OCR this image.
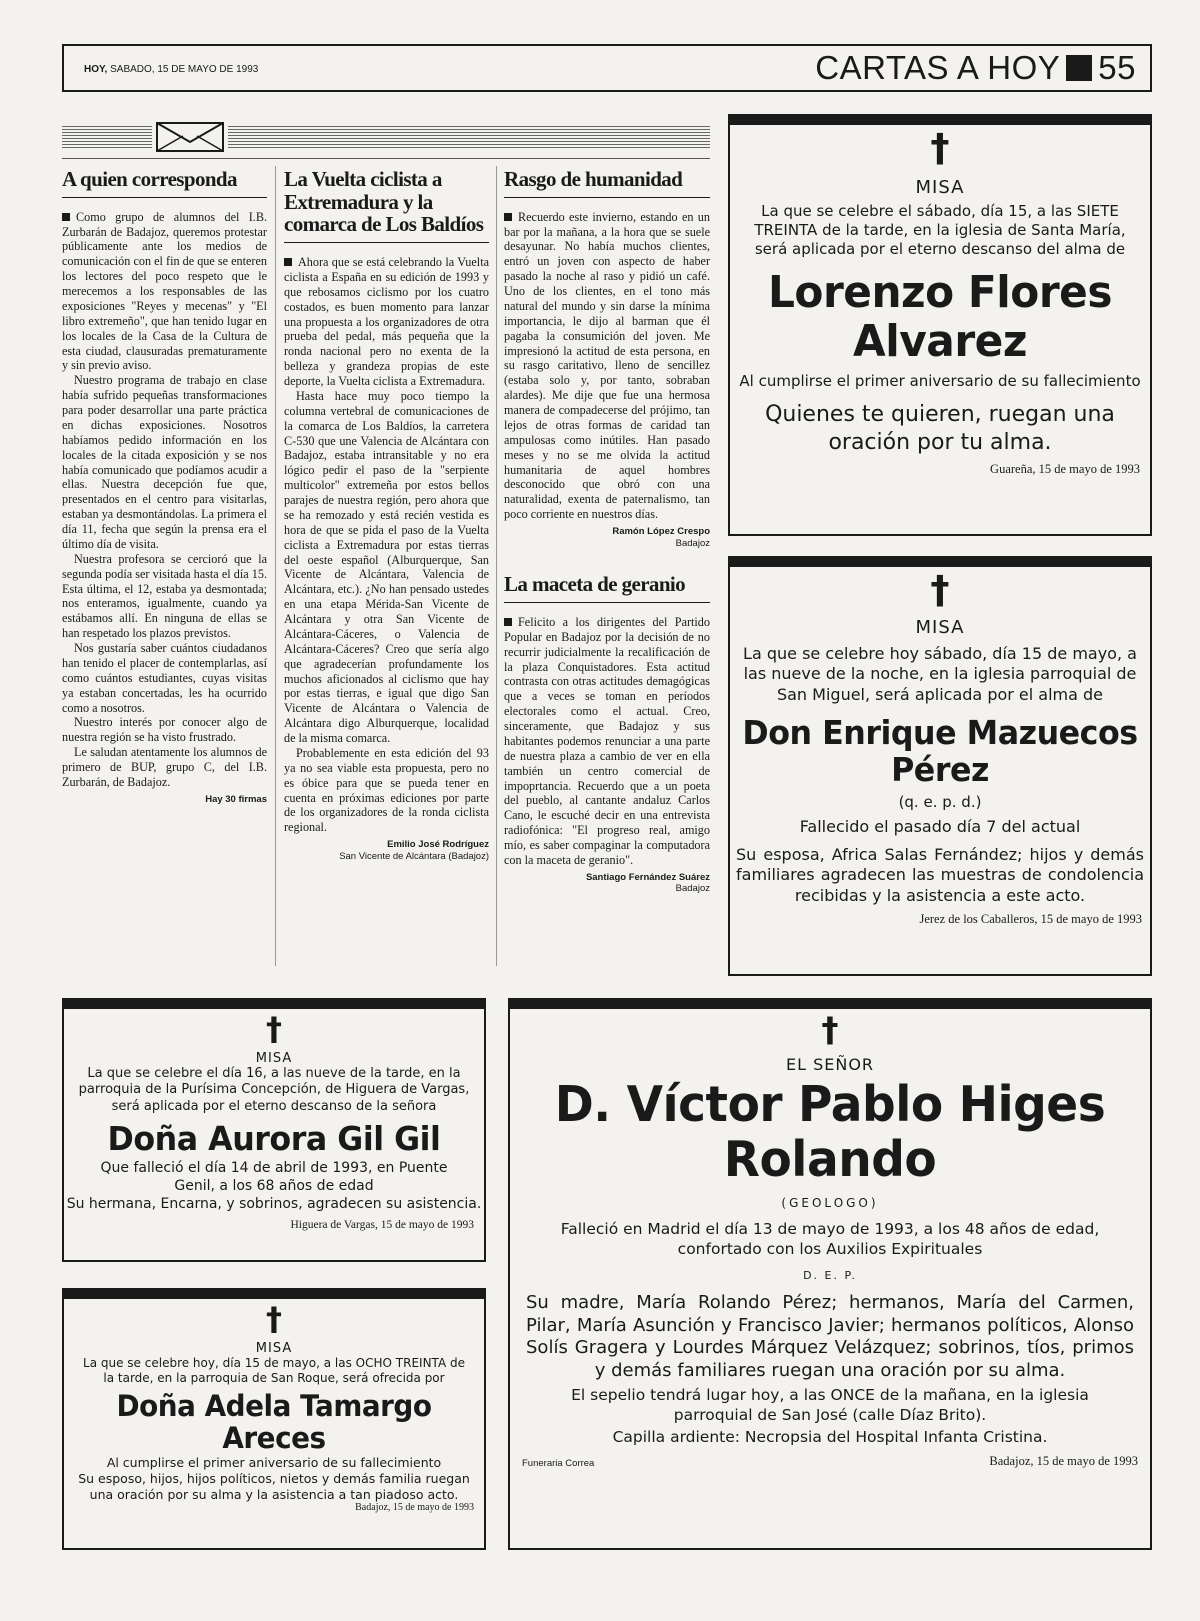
HOY, SABADO, 15 DE MAYO DE 1993	CARTAS A HOY 55
A quien corresponda

Como grupo de alumnos del I.B. Zurbarán de Badajoz, queremos protestar públicamente ante los medios de comunicación con el fin de que se enteren los lectores del poco respeto que le merecemos a los responsables de las exposiciones "Reyes y mecenas" y "El libro extremeño", que han tenido lugar en los locales de la Casa de la Cultura de esta ciudad, clausuradas prematuramente y sin previo aviso.

Nuestro programa de trabajo en clase había sufrido pequeñas transformaciones para poder desarrollar una parte práctica en dichas exposiciones. Nosotros habíamos pedido información en los locales de la citada exposición y se nos había comunicado que podíamos acudir a ellas. Nuestra decepción fue que, presentados en el centro para visitarlas, estaban ya desmontándolas. La primera el día 11, fecha que según la prensa era el último día de visita.

Nuestra profesora se cercioró que la segunda podía ser visitada hasta el día 15. Esta última, el 12, estaba ya desmontada; nos enteramos, igualmente, cuando ya estábamos allí. En ninguna de ellas se han respetado los plazos previstos.

Nos gustaría saber cuántos ciudadanos han tenido el placer de contemplarlas, así como cuántos estudiantes, cuyas visitas ya estaban concertadas, les ha ocurrido como a nosotros.

Nuestro interés por conocer algo de nuestra región se ha visto frustrado.

Le saludan atentamente los alumnos de primero de BUP, grupo C, del I.B. Zurbarán, de Badajoz.

Hay 30 firmas
La Vuelta ciclista a Extremadura y la comarca de Los Baldíos

Ahora que se está celebrando la Vuelta ciclista a España en su edición de 1993 y que rebosamos ciclismo por los cuatro costados, es buen momento para lanzar una propuesta a los organizadores de otra prueba del pedal, más pequeña que la ronda nacional pero no exenta de la belleza y grandeza propias de este deporte, la Vuelta ciclista a Extremadura.

Hasta hace muy poco tiempo la columna vertebral de comunicaciones de la comarca de Los Baldíos, la carretera C-530 que une Valencia de Alcántara con Badajoz, estaba intransitable y no era lógico pedir el paso de la "serpiente multicolor" extremeña por estos bellos parajes de nuestra región, pero ahora que se ha remozado y está recién vestida es hora de que se pida el paso de la Vuelta ciclista a Extremadura por estas tierras del oeste español (Alburquerque, San Vicente de Alcántara, Valencia de Alcántara, etc.). ¿No han pensado ustedes en una etapa Mérida-San Vicente de Alcántara y otra San Vicente de Alcántara-Cáceres, o Valencia de Alcántara-Cáceres? Creo que sería algo que agradecerían profundamente los muchos aficionados al ciclismo que hay por estas tierras, e igual que digo San Vicente de Alcántara o Valencia de Alcántara digo Alburquerque, localidad de la misma comarca.

Probablemente en esta edición del 93 ya no sea viable esta propuesta, pero no es óbice para que se pueda tener en cuenta en próximas ediciones por parte de los organizadores de la ronda ciclista regional.

Emilio José Rodríguez
San Vicente de Alcántara (Badajoz)
Rasgo de humanidad

Recuerdo este invierno, estando en un bar por la mañana, a la hora que se suele desayunar. No había muchos clientes, entró un joven con aspecto de haber pasado la noche al raso y pidió un café. Uno de los clientes, en el tono más natural del mundo y sin darse la mínima importancia, le dijo al barman que él pagaba la consumición del joven. Me impresionó la actitud de esta persona, en su rasgo caritativo, lleno de sencillez (estaba solo y, por tanto, sobraban alardes). Me dije que fue una hermosa manera de compadecerse del prójimo, tan lejos de otras formas de caridad tan ampulosas como inútiles. Han pasado meses y no se me olvida la actitud humanitaria de aquel hombres desconocido que obró con una naturalidad, exenta de paternalismo, tan poco corriente en nuestros días.

Ramón López Crespo
Badajoz
La maceta de geranio

Felicito a los dirigentes del Partido Popular en Badajoz por la decisión de no recurrir judicialmente la recalificación de la plaza Conquistadores. Esta actitud contrasta con otras actitudes demagógicas que a veces se toman en períodos electorales como el actual. Creo, sinceramente, que Badajoz y sus habitantes podemos renunciar a una parte de nuestra plaza a cambio de ver en ella también un centro comercial de impoprtancia. Recuerdo que a un poeta del pueblo, al cantante andaluz Carlos Cano, le escuché decir en una entrevista radiofónica: "El progreso real, amigo mío, es saber compaginar la computadora con la maceta de geranio".

Santiago Fernández Suárez
Badajoz
†
MISA
La que se celebre el sábado, día 15, a las SIETE TREINTA de la tarde, en la iglesia de Santa María, será aplicada por el eterno descanso del alma de
Lorenzo Flores
Alvarez
Al cumplirse el primer aniversario de su fallecimiento
Quienes te quieren, ruegan una oración por tu alma.
Guareña, 15 de mayo de 1993
†
MISA
La que se celebre hoy sábado, día 15 de mayo, a las nueve de la noche, en la iglesia parroquial de San Miguel, será aplicada por el alma de
Don Enrique Mazuecos
Pérez
(q. e. p. d.)
Fallecido el pasado día 7 del actual
Su esposa, Africa Salas Fernández; hijos y demás familiares agradecen las muestras de condolencia recibidas y la asistencia a este acto.
Jerez de los Caballeros, 15 de mayo de 1993
†
MISA
La que se celebre el día 16, a las nueve de la tarde, en la parroquia de la Purísima Concepción, de Higuera de Vargas, será aplicada por el eterno descanso de la señora
Doña Aurora Gil Gil
Que falleció el día 14 de abril de 1993, en Puente Genil, a los 68 años de edad
Su hermana, Encarna, y sobrinos, agradecen su asistencia.
Higuera de Vargas, 15 de mayo de 1993
†
MISA
La que se celebre hoy, día 15 de mayo, a las OCHO TREINTA de la tarde, en la parroquia de San Roque, será ofrecida por
Doña Adela Tamargo
Areces
Al cumplirse el primer aniversario de su fallecimiento
Su esposo, hijos, hijos políticos, nietos y demás familia ruegan una oración por su alma y la asistencia a tan piadoso acto.
Badajoz, 15 de mayo de 1993
†
EL SEÑOR
D. Víctor Pablo Higes
Rolando
(GEOLOGO)
Falleció en Madrid el día 13 de mayo de 1993, a los 48 años de edad, confortado con los Auxilios Expirituales
D. E. P.
Su madre, María Rolando Pérez; hermanos, María del Carmen, Pilar, María Asunción y Francisco Javier; hermanos políticos, Alonso Solís Gragera y Lourdes Márquez Velázquez; sobrinos, tíos, primos y demás familiares ruegan una oración por su alma.
El sepelio tendrá lugar hoy, a las ONCE de la mañana, en la iglesia parroquial de San José (calle Díaz Brito).
Capilla ardiente: Necropsia del Hospital Infanta Cristina.
Funeraria Correa	Badajoz, 15 de mayo de 1993
